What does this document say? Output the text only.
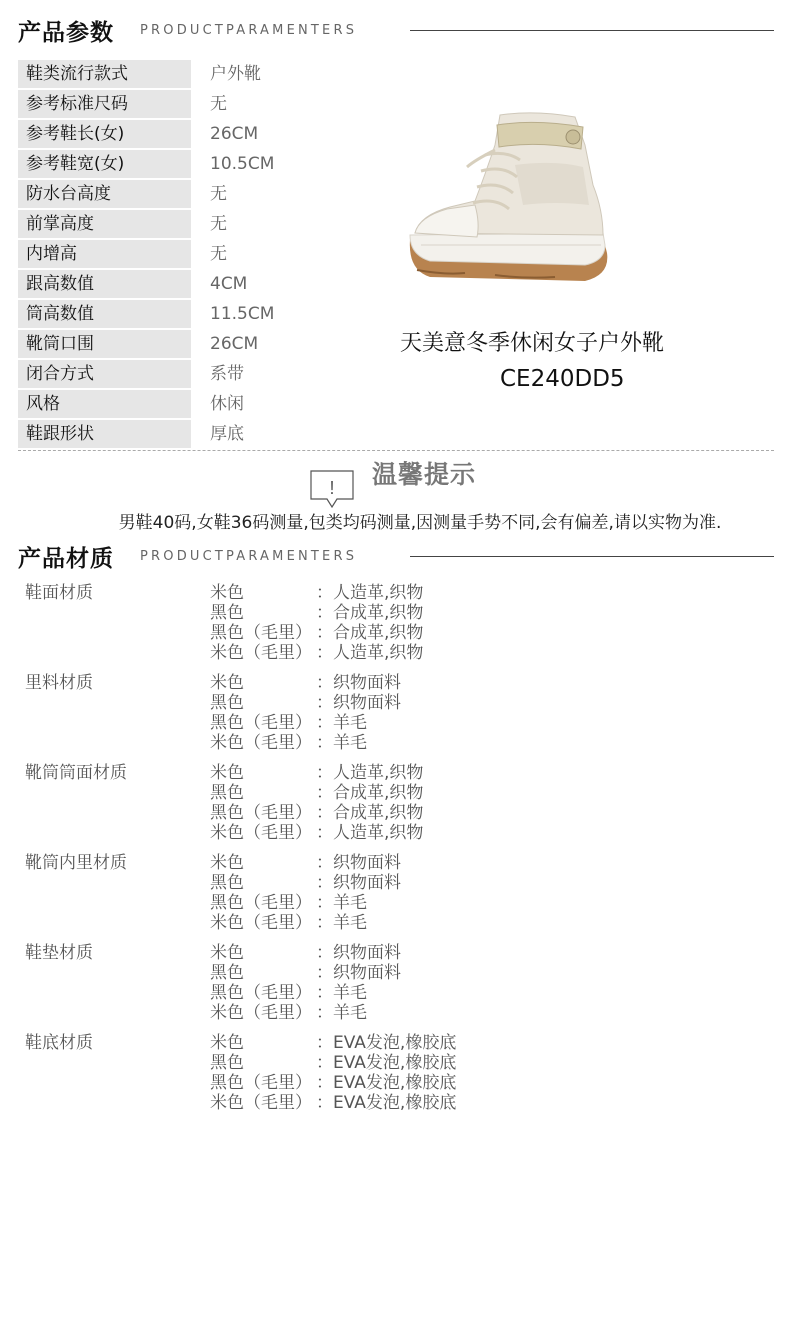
产品参数 PRODUCTPARAMENTERS
鞋类流行款式	户外靴
参考标准尺码	无
参考鞋长(女)	26CM
参考鞋宽(女)	10.5CM
防水台高度	无
前掌高度	无
内增高	无
跟高数值	4CM
筒高数值	11.5CM
靴筒口围	26CM
闭合方式	系带
风格	休闲
鞋跟形状	厚底
天美意冬季休闲女子户外靴
CE240DD5
! 温馨提示
男鞋40码,女鞋36码测量,包类均码测量,因测量手势不同,会有偏差,请以实物为准.
产品材质 PRODUCTPARAMENTERS
鞋面材质	米色	：人造革,织物
黑色	：合成革,织物
黑色（毛里） ：合成革,织物
米色（毛里） ：人造革,织物
里料材质	米色	：织物面料
黑色	：织物面料
黑色（毛里） ：羊毛
米色（毛里） ：羊毛
靴筒筒面材质	米色	：人造革,织物
黑色	：合成革,织物
黑色（毛里） ：合成革,织物
米色（毛里） ：人造革,织物
靴筒内里材质	米色	：织物面料
黑色	：织物面料
黑色（毛里） ：羊毛
米色（毛里） ：羊毛
鞋垫材质	米色	：织物面料
黑色	：织物面料
黑色（毛里） ：羊毛
米色（毛里） ：羊毛
鞋底材质	米色	：EVA发泡,橡胶底
黑色	：EVA发泡,橡胶底
黑色（毛里） ：EVA发泡,橡胶底
米色（毛里） ：EVA发泡,橡胶底
